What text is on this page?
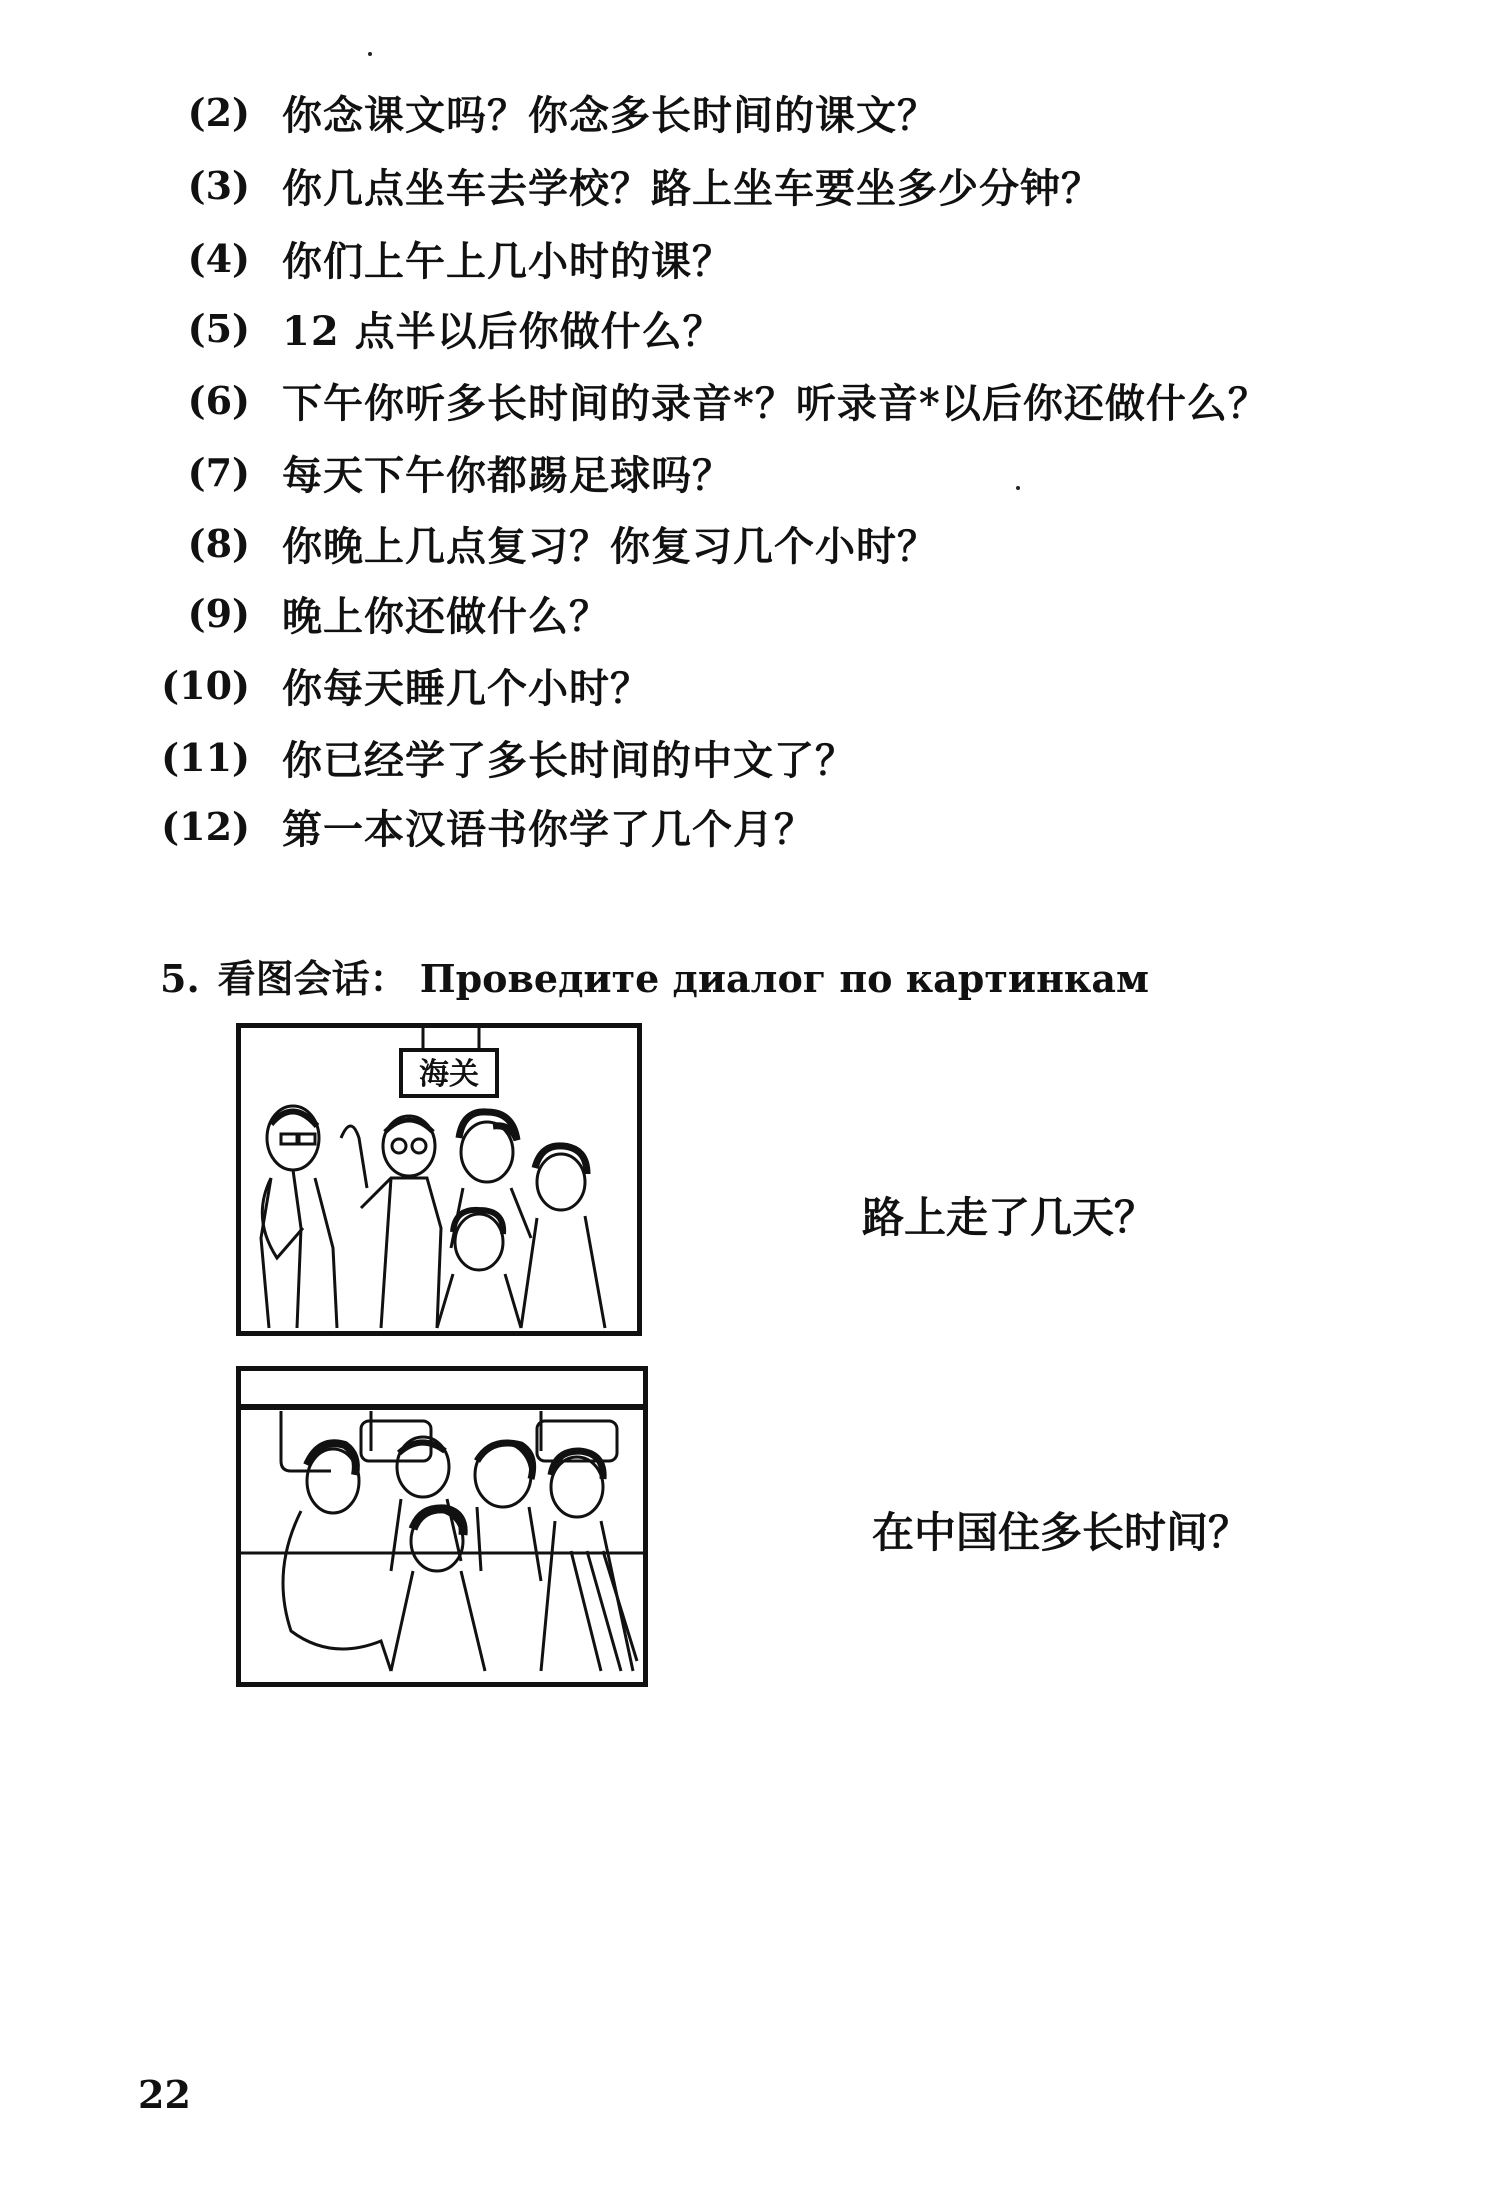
(2) 你念课文吗？你念多长时间的课文？
(3) 你几点坐车去学校？路上坐车要坐多少分钟？
(4) 你们上午上几小时的课？
(5) 12 点半以后你做什么？
(6) 下午你听多长时间的录音*？听录音*以后你还做什么？
(7) 每天下午你都踢足球吗？
(8) 你晚上几点复习？你复习几个小时？
(9) 晚上你还做什么？
(10) 你每天睡几个小时？
(11) 你已经学了多长时间的中文了？
(12) 第一本汉语书你学了几个月？
5. 看图会话： Проведите диалог по картинкам
海关
路上走了几天？
在中国住多长时间？
22
